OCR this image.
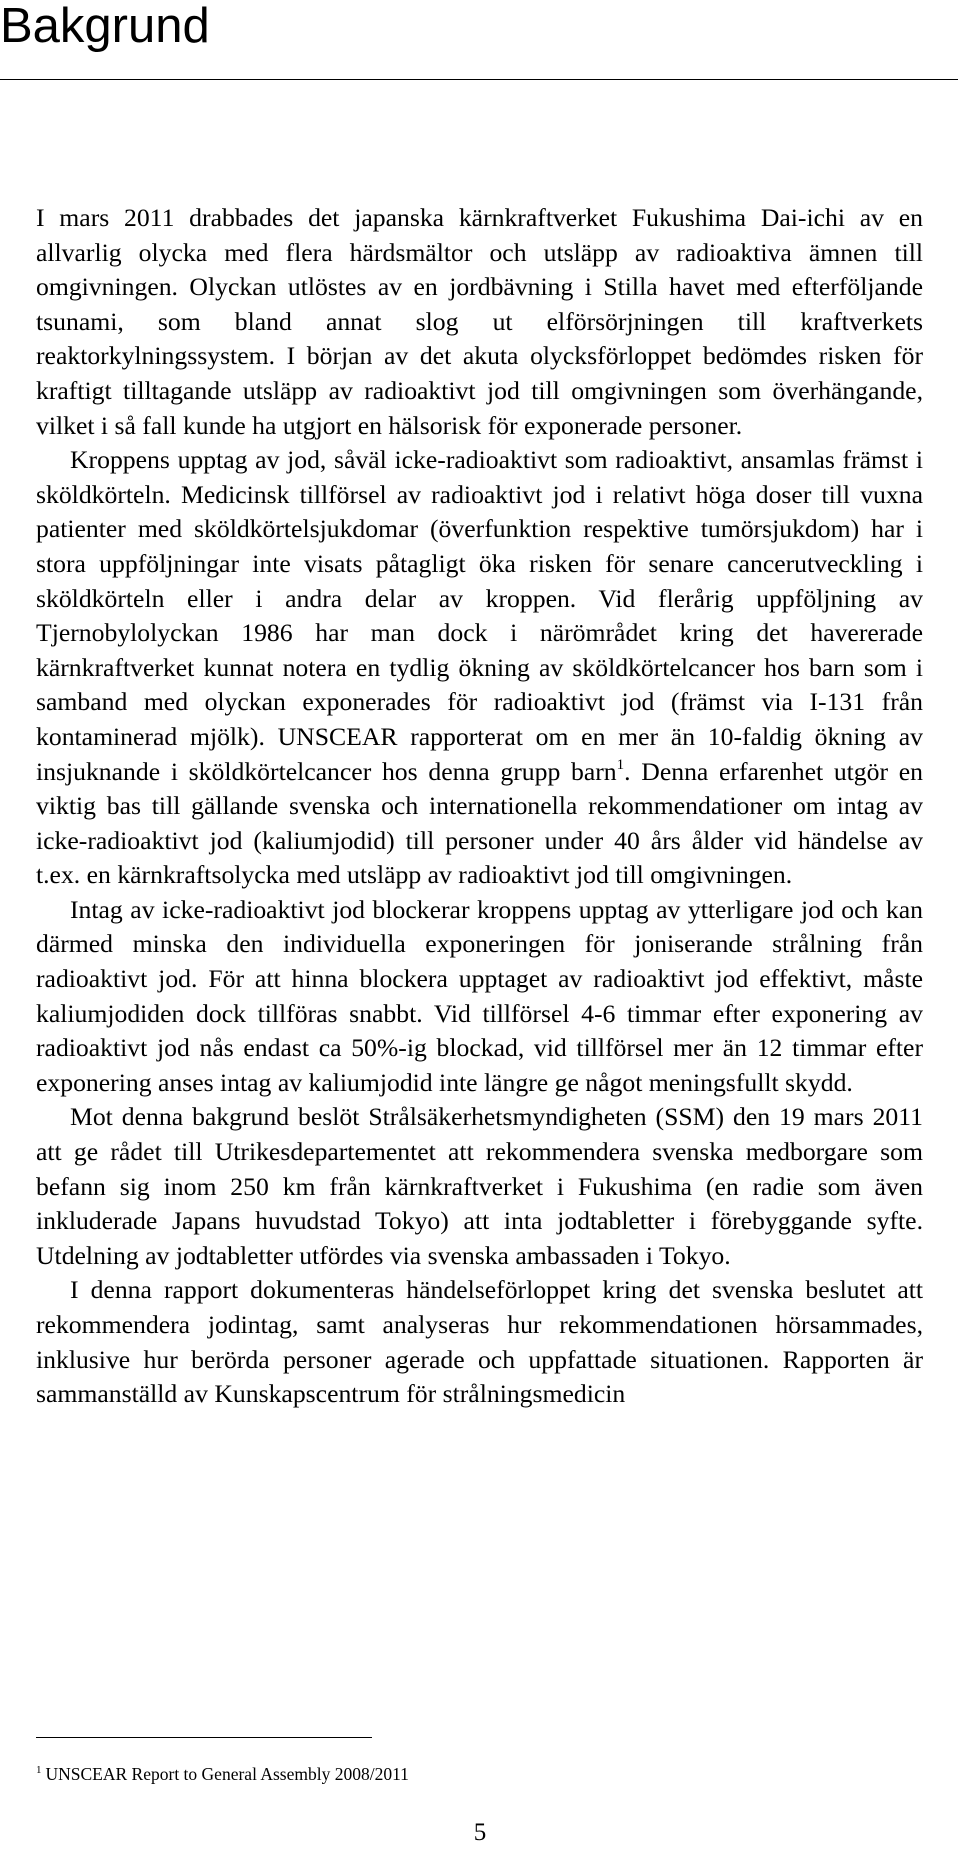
Bakgrund

I mars 2011 drabbades det japanska kärnkraftverket Fukushima Dai-ichi av en allvarlig olycka med flera härdsmältor och utsläpp av radioaktiva ämnen till omgivningen. Olyckan utlöstes av en jordbävning i Stilla havet med efterföljande tsunami, som bland annat slog ut elförsörjningen till kraftverkets reaktorkylningssystem. I början av det akuta olycksförloppet bedömdes risken för kraftigt tilltagande utsläpp av radioaktivt jod till omgivningen som överhängande, vilket i så fall kunde ha utgjort en hälsorisk för exponerade personer.

Kroppens upptag av jod, såväl icke-radioaktivt som radioaktivt, ansamlas främst i sköldkörteln. Medicinsk tillförsel av radioaktivt jod i relativt höga doser till vuxna patienter med sköldkörtelsjukdomar (överfunktion respektive tumörsjukdom) har i stora uppföljningar inte visats påtagligt öka risken för senare cancerutveckling i sköldkörteln eller i andra delar av kroppen. Vid flerårig uppföljning av Tjernobylolyckan 1986 har man dock i närömrådet kring det havererade kärnkraftverket kunnat notera en tydlig ökning av sköldkörtelcancer hos barn som i samband med olyckan exponerades för radioaktivt jod (främst via I-131 från kontaminerad mjölk). UNSCEAR rapporterat om en mer än 10-faldig ökning av insjuknande i sköldkörtelcancer hos denna grupp barn$^1$. Denna erfarenhet utgör en viktig bas till gällande svenska och internationella rekommendationer om intag av icke-radioaktivt jod (kaliumjodid) till personer under 40 års ålder vid händelse av t.ex. en kärnkraftsolycka med utsläpp av radioaktivt jod till omgivningen.

Intag av icke-radioaktivt jod blockerar kroppens upptag av ytterligare jod och kan därmed minska den individuella exponeringen för joniserande strålning från radioaktivt jod. För att hinna blockera upptaget av radioaktivt jod effektivt, måste kaliumjodiden dock tillföras snabbt. Vid tillförsel 4-6 timmar efter exponering av radioaktivt jod nås endast ca 50%-ig blockad, vid tillförsel mer än 12 timmar efter exponering anses intag av kaliumjodid inte längre ge något meningsfullt skydd.

Mot denna bakgrund beslöt Strålsäkerhetsmyndigheten (SSM) den 19 mars 2011 att ge rådet till Utrikesdepartementet att rekommendera svenska medborgare som befann sig inom 250 km från kärnkraftverket i Fukushima (en radie som även inkluderade Japans huvudstad Tokyo) att inta jodtabletter i förebyggande syfte. Utdelning av jodtabletter utfördes via svenska ambassaden i Tokyo.

I denna rapport dokumenteras händelseförloppet kring det svenska beslutet att rekommendera jodintag, samt analyseras hur rekommendationen hörsammades, inklusive hur berörda personer agerade och uppfattade situationen. Rapporten är sammanställd av Kunskapscentrum för strålningsmedicin

$^1$ UNSCEAR Report to General Assembly 2008/2011
5
